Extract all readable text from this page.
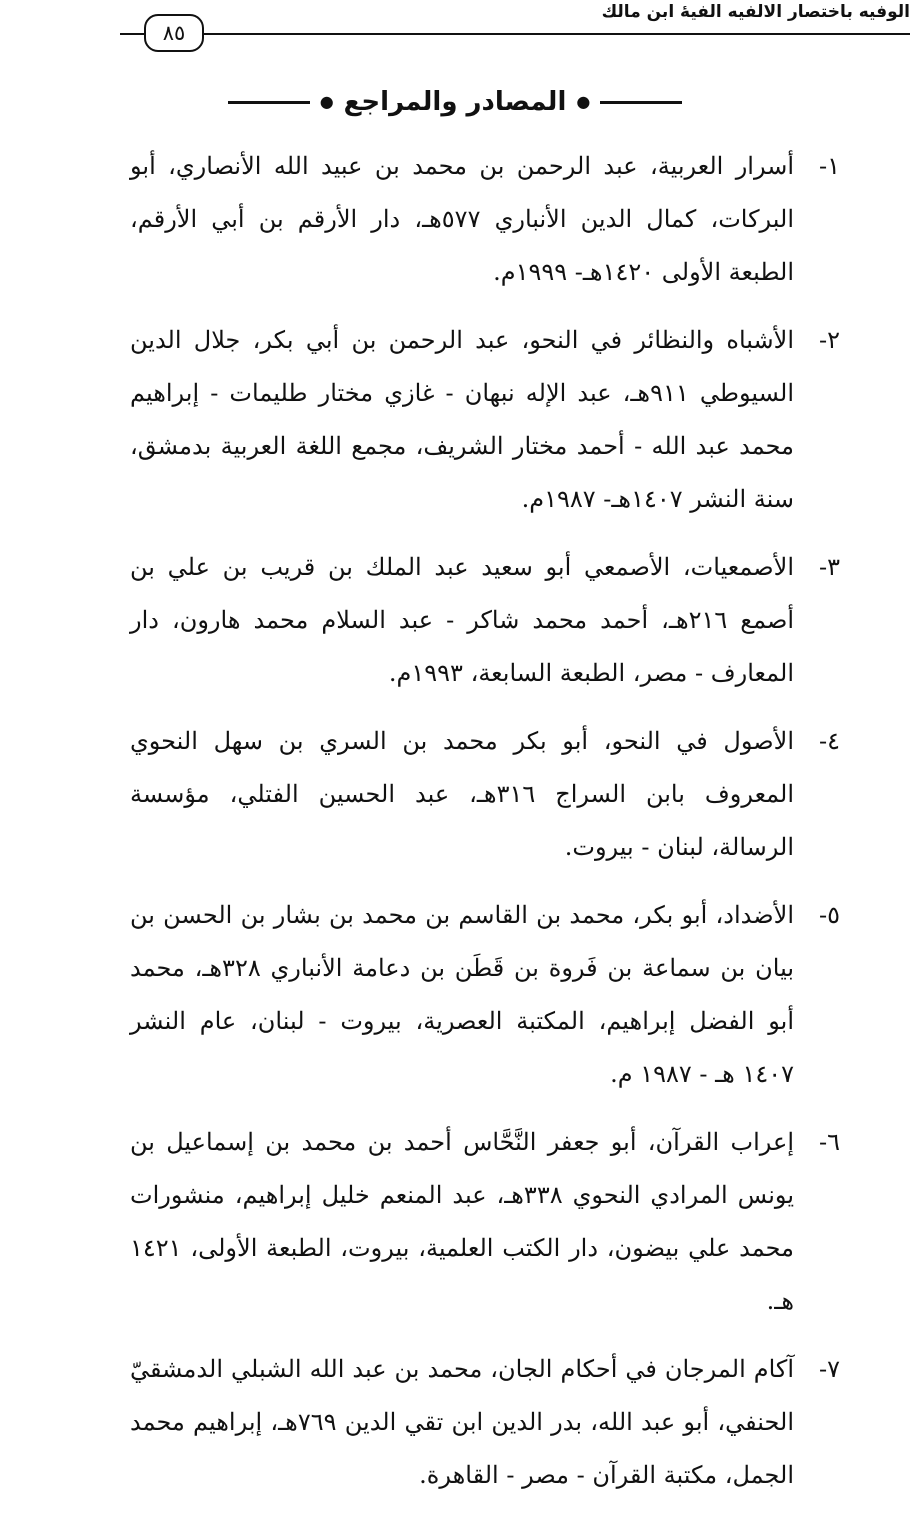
الوفيه باختصار الالفيه الفيهٔ ابن مالك
٨٥
●
المصادر والمراجع
●
١-
أسرار العربية، عبد الرحمن بن محمد بن عبيد الله الأنصاري، أبو البركات، كمال الدين الأنباري ٥٧٧هـ، دار الأرقم بن أبي الأرقم، الطبعة الأولى ١٤٢٠هـ- ١٩٩٩م.
٢-
الأشباه والنظائر في النحو، عبد الرحمن بن أبي بكر، جلال الدين السيوطي ٩١١هـ، عبد الإله نبهان - غازي مختار طليمات - إبراهيم محمد عبد الله - أحمد مختار الشريف، مجمع اللغة العربية بدمشق، سنة النشر ١٤٠٧هـ- ١٩٨٧م.
٣-
الأصمعيات، الأصمعي أبو سعيد عبد الملك بن قريب بن علي بن أصمع ٢١٦هـ، أحمد محمد شاكر - عبد السلام محمد هارون، دار المعارف - مصر، الطبعة السابعة، ١٩٩٣م.
٤-
الأصول في النحو، أبو بكر محمد بن السري بن سهل النحوي المعروف بابن السراج ٣١٦هـ، عبد الحسين الفتلي، مؤسسة الرسالة، لبنان - بيروت.
٥-
الأضداد، أبو بكر، محمد بن القاسم بن محمد بن بشار بن الحسن بن بيان بن سماعة بن فَروة بن قَطَن بن دعامة الأنباري ٣٢٨هـ، محمد أبو الفضل إبراهيم، المكتبة العصرية، بيروت - لبنان، عام النشر ١٤٠٧ هـ - ١٩٨٧ م.
٦-
إعراب القرآن، أبو جعفر النَّحَّاس أحمد بن محمد بن إسماعيل بن يونس المرادي النحوي ٣٣٨هـ، عبد المنعم خليل إبراهيم، منشورات محمد علي بيضون، دار الكتب العلمية، بيروت، الطبعة الأولى، ١٤٢١ هـ.
٧-
آكام المرجان في أحكام الجان، محمد بن عبد الله الشبلي الدمشقيّ الحنفي، أبو عبد الله، بدر الدين ابن تقي الدين ٧٦٩هـ، إبراهيم محمد الجمل، مكتبة القرآن - مصر - القاهرة.
